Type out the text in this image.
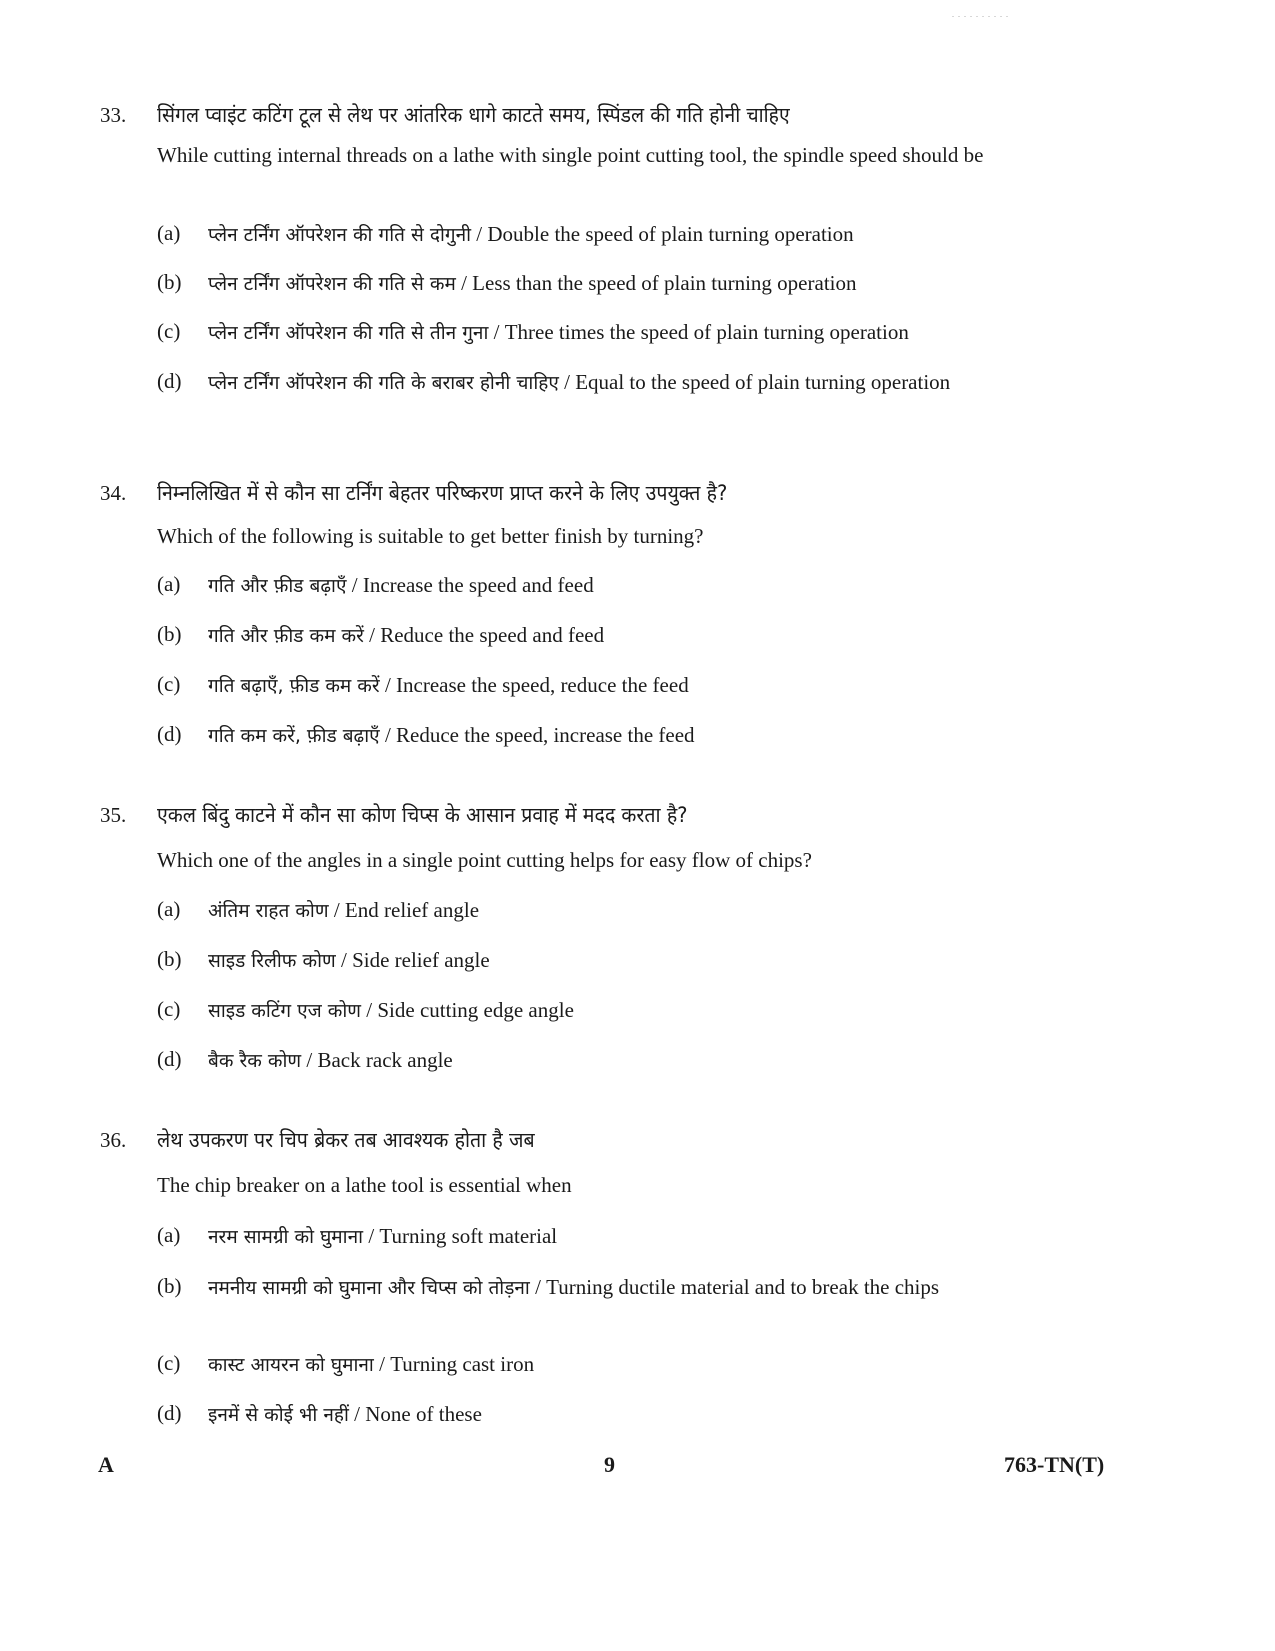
. . . . . . . . . .
33. सिंगल प्वाइंट कटिंग टूल से लेथ पर आंतरिक धागे काटते समय, स्पिंडल की गति होनी चाहिए
While cutting internal threads on a lathe with single point cutting tool, the spindle speed should be
(a) प्लेन टर्निंग ऑपरेशन की गति से दोगुनी / Double the speed of plain turning operation
(b) प्लेन टर्निंग ऑपरेशन की गति से कम / Less than the speed of plain turning operation
(c) प्लेन टर्निंग ऑपरेशन की गति से तीन गुना / Three times the speed of plain turning operation
(d) प्लेन टर्निंग ऑपरेशन की गति के बराबर होनी चाहिए / Equal to the speed of plain turning operation
34. निम्नलिखित में से कौन सा टर्निंग बेहतर परिष्करण प्राप्त करने के लिए उपयुक्त है?
Which of the following is suitable to get better finish by turning?
(a) गति और फ़ीड बढ़ाएँ / Increase the speed and feed
(b) गति और फ़ीड कम करें / Reduce the speed and feed
(c) गति बढ़ाएँ, फ़ीड कम करें / Increase the speed, reduce the feed
(d) गति कम करें, फ़ीड बढ़ाएँ / Reduce the speed, increase the feed
35. एकल बिंदु काटने में कौन सा कोण चिप्स के आसान प्रवाह में मदद करता है?
Which one of the angles in a single point cutting helps for easy flow of chips?
(a) अंतिम राहत कोण / End relief angle
(b) साइड रिलीफ कोण / Side relief angle
(c) साइड कटिंग एज कोण / Side cutting edge angle
(d) बैक रैक कोण / Back rack angle
36. लेथ उपकरण पर चिप ब्रेकर तब आवश्यक होता है जब
The chip breaker on a lathe tool is essential when
(a) नरम सामग्री को घुमाना / Turning soft material
(b) नमनीय सामग्री को घुमाना और चिप्स को तोड़ना / Turning ductile material and to break the chips
(c) कास्ट आयरन को घुमाना / Turning cast iron
(d) इनमें से कोई भी नहीं / None of these
A	9	763-TN(T)
